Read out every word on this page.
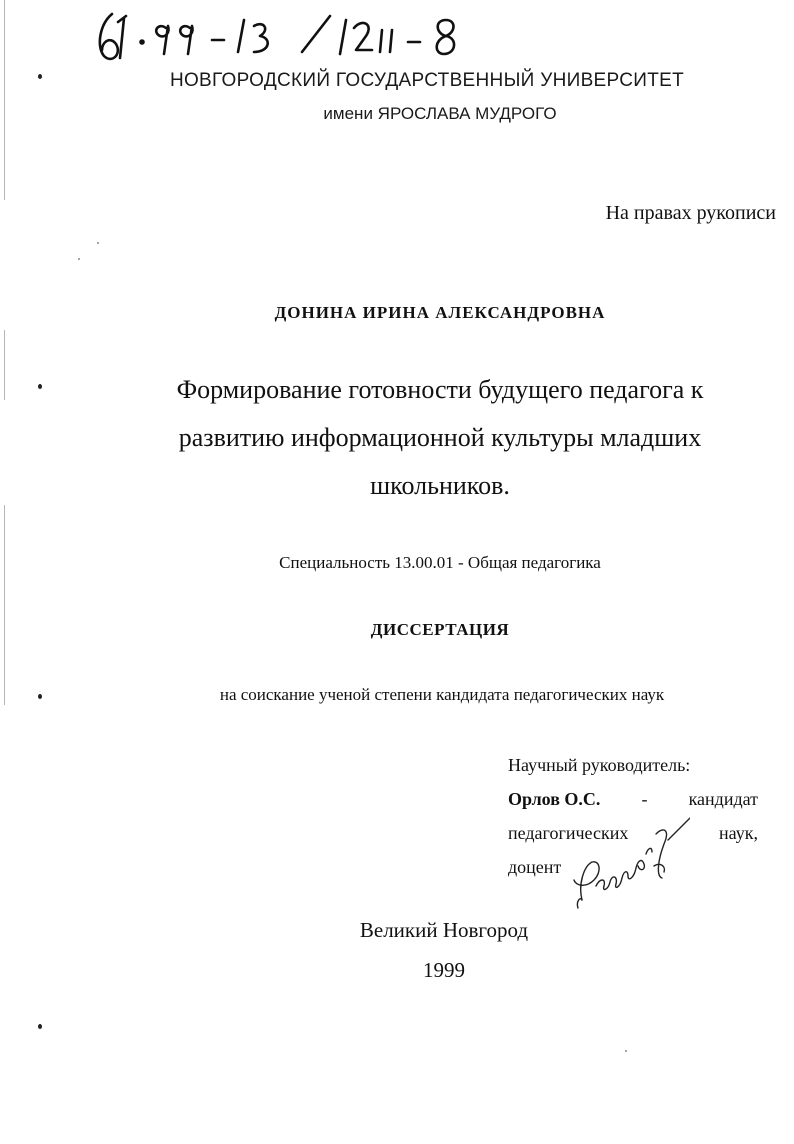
НОВГОРОДСКИЙ ГОСУДАРСТВЕННЫЙ УНИВЕРСИТЕТ
имени ЯРОСЛАВА МУДРОГО
На правах рукописи
ДОНИНА ИРИНА АЛЕКСАНДРОВНА
Формирование готовности будущего педагога к
развитию информационной культуры младших
школьников.
Специальность 13.00.01 - Общая педагогика
ДИССЕРТАЦИЯ
на соискание ученой степени кандидата педагогических наук
Научный руководитель:
Орлов О.С. - кандидат
педагогических	наук,
доцент
Великий Новгород
1999
